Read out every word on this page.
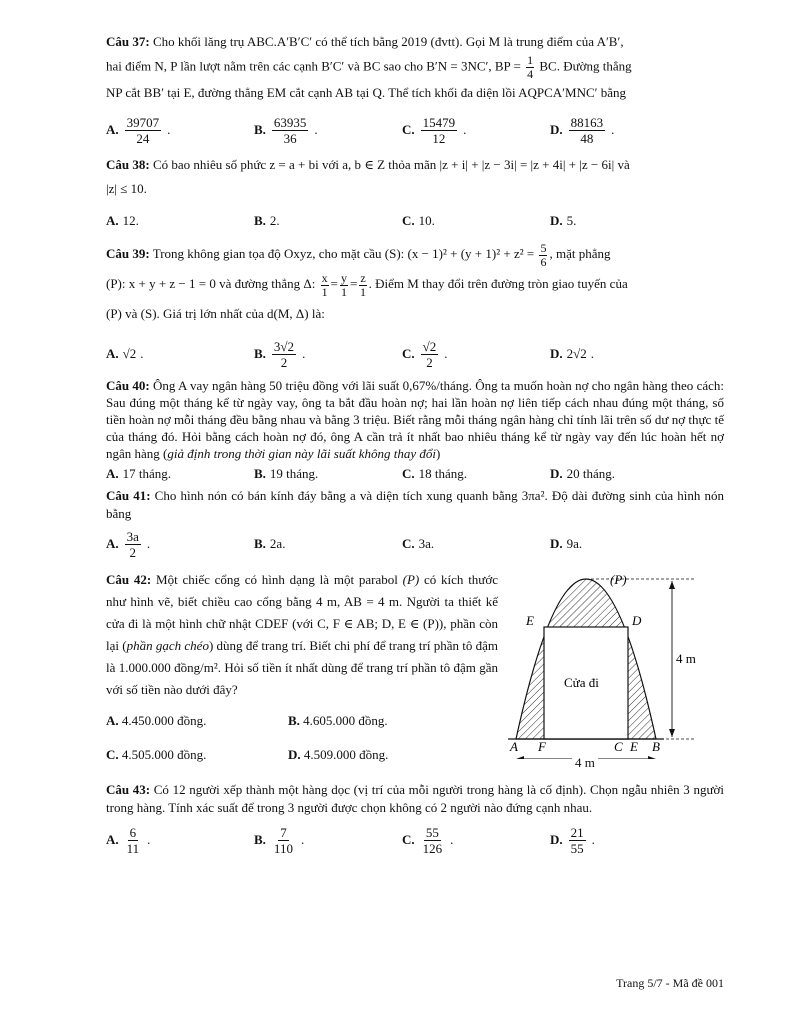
Câu 37: Cho khối lăng trụ ABC.A′B′C′ có thể tích bằng 2019 (đvtt). Gọi M là trung điểm của A′B′,
hai điểm N, P lần lượt nằm trên các cạnh B′C′ và BC sao cho B′N = 3NC′, BP = $\frac{1}{4}$ BC. Đường thẳng
NP cắt BB′ tại E, đường thẳng EM cắt cạnh AB tại Q. Thể tích khối đa diện lồi AQPCA′MNC′ bằng
A. $\frac{39707}{24}$ .	B. $\frac{63935}{36}$ .	C. $\frac{15479}{12}$ .	D. $\frac{88163}{48}$ .
Câu 38: Có bao nhiêu số phức z = a + bi với a, b ∈ Z thỏa mãn |z + i| + |z − 3i| = |z + 4i| + |z − 6i| và
|z| ≤ 10.
A. 12.	B. 2.	C. 10.	D. 5.
Câu 39: Trong không gian tọa độ Oxyz, cho mặt cầu (S): $(x - 1)^2 + (y + 1)^2 + z^2 = \frac{5}{6}$ , mặt phẳng
(P): x + y + z − 1 = 0 và đường thẳng Δ: $\frac{x}{1} = \frac{y}{1} = \frac{z}{1}$ . Điểm M thay đổi trên đường tròn giao tuyến của
(P) và (S). Giá trị lớn nhất của d(M, Δ) là:
A. √2 .	B. $\frac{3√2}{2}$ .	C. $\frac{√2}{2}$ .	D. 2√2 .
Câu 40: Ông A vay ngân hàng 50 triệu đồng với lãi suất 0,67%/tháng. Ông ta muốn hoàn nợ cho ngân hàng theo cách: Sau đúng một tháng kể từ ngày vay, ông ta bắt đầu hoàn nợ; hai lần hoàn nợ liên tiếp cách nhau đúng một tháng, số tiền hoàn nợ mỗi tháng đều bằng nhau và bằng 3 triệu. Biết rằng mỗi tháng ngân hàng chỉ tính lãi trên số dư nợ thực tế của tháng đó. Hỏi bằng cách hoàn nợ đó, ông A cần trả ít nhất bao nhiêu tháng kể từ ngày vay đến lúc hoàn hết nợ ngân hàng (giả định trong thời gian này lãi suất không thay đổi)
A. 17 tháng.	B. 19 tháng.	C. 18 tháng.	D. 20 tháng.
Câu 41: Cho hình nón có bán kính đáy bằng a và diện tích xung quanh bằng 3πa². Độ dài đường sinh của hình nón bằng
A. $\frac{3a}{2}$ .	B. 2a.	C. 3a.	D. 9a.
Câu 42: Một chiếc cổng có hình dạng là một parabol (P) có kích thước như hình vẽ, biết chiều cao cổng bằng 4 m, AB = 4 m. Người ta thiết kế cửa đi là một hình chữ nhật CDEF (với C, F ∈ AB; D, E ∈ (P)), phần còn lại (phần gạch chéo) dùng để trang trí. Biết chi phí để trang trí phần tô đậm là 1.000.000 đồng/m². Hỏi số tiền ít nhất dùng để trang trí phần tô đậm gần với số tiền nào dưới đây?
A. 4.450.000 đồng.	B. 4.605.000 đồng.
C. 4.505.000 đồng.	D. 4.509.000 đồng.
(P)
E	D
Cửa đi
4 m
A F	C E B
4 m
Câu 43: Có 12 người xếp thành một hàng dọc (vị trí của mỗi người trong hàng là cố định). Chọn ngẫu nhiên 3 người trong hàng. Tính xác suất để trong 3 người được chọn không có 2 người nào đứng cạnh nhau.
A. $\frac{6}{11}$ .	B. $\frac{7}{110}$ .	C. $\frac{55}{126}$ .	D. $\frac{21}{55}$ .
Trang 5/7 - Mã đề 001
